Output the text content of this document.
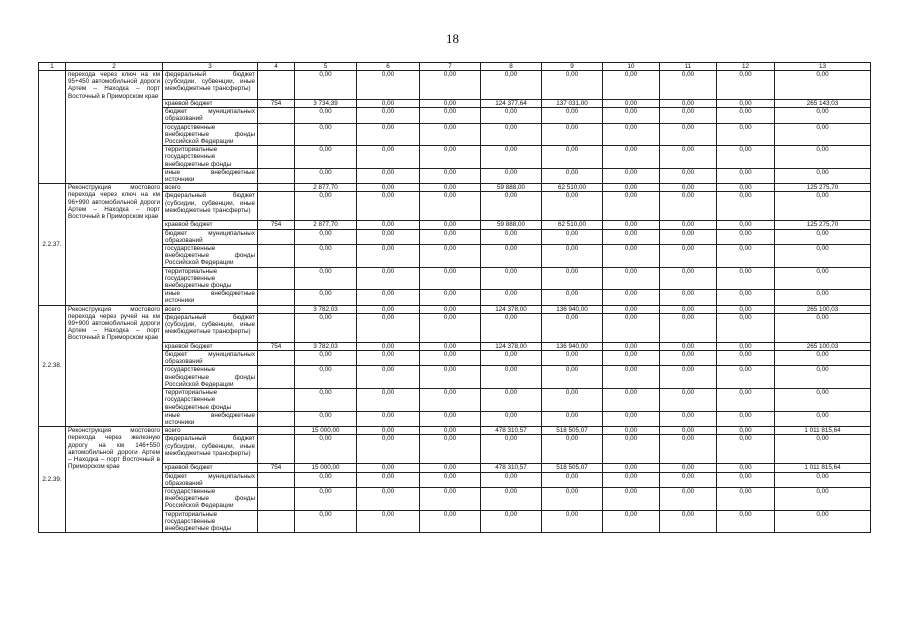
18
1	2	3	4	5	6	7	8	9	10	11	12	13
	перехода через ключ на км 95+450 автомобильной дороги Артем – Находка – порт Восточный в Приморском крае	федеральный бюджет (субсидии, субвенции, иные межбюджетные трансферты)		0,00	0,00	0,00	0,00	0,00	0,00	0,00	0,00	0,00
		краевой бюджет	754	3 734,39	0,00	0,00	124 377,64	137 031,00	0,00	0,00	0,00	265 143,03
		бюджет муниципальных образований		0,00	0,00	0,00	0,00	0,00	0,00	0,00	0,00	0,00
		государственные внебюджетные фонды Российской Федерации		0,00	0,00	0,00	0,00	0,00	0,00	0,00	0,00	0,00
		территориальные государственные внебюджетные фонды		0,00	0,00	0,00	0,00	0,00	0,00	0,00	0,00	0,00
		иные внебюджетные источники		0,00	0,00	0,00	0,00	0,00	0,00	0,00	0,00	0,00
2.2.37.	Реконструкция мостового перехода через ключ на км 96+990 автомобильной дороги Артем – Находка – порт Восточный в Приморском крае	всего		2 877,70	0,00	0,00	59 888,00	62 510,00	0,00	0,00	0,00	125 275,70
		федеральный бюджет (субсидии, субвенции, иные межбюджетные трансферты)		0,00	0,00	0,00	0,00	0,00	0,00	0,00	0,00	0,00
		краевой бюджет	754	2 877,70	0,00	0,00	59 888,00	62 510,00	0,00	0,00	0,00	125 275,70
		бюджет муниципальных образований		0,00	0,00	0,00	0,00	0,00	0,00	0,00	0,00	0,00
		государственные внебюджетные фонды Российской Федерации		0,00	0,00	0,00	0,00	0,00	0,00	0,00	0,00	0,00
		территориальные государственные внебюджетные фонды		0,00	0,00	0,00	0,00	0,00	0,00	0,00	0,00	0,00
		иные внебюджетные источники		0,00	0,00	0,00	0,00	0,00	0,00	0,00	0,00	0,00
2.2.38.	Реконструкция мостового перехода через ручей на км 99+900 автомобильной дороги Артем – Находка – порт Восточный в Приморском крае	всего		3 782,03	0,00	0,00	124 378,00	136 940,00	0,00	0,00	0,00	265 100,03
		федеральный бюджет (субсидии, субвенции, иные межбюджетные трансферты)		0,00	0,00	0,00	0,00	0,00	0,00	0,00	0,00	0,00
		краевой бюджет	754	3 782,03	0,00	0,00	124 378,00	136 940,00	0,00	0,00	0,00	265 100,03
		бюджет муниципальных образований		0,00	0,00	0,00	0,00	0,00	0,00	0,00	0,00	0,00
		государственные внебюджетные фонды Российской Федерации		0,00	0,00	0,00	0,00	0,00	0,00	0,00	0,00	0,00
		территориальные государственные внебюджетные фонды		0,00	0,00	0,00	0,00	0,00	0,00	0,00	0,00	0,00
		иные внебюджетные источники		0,00	0,00	0,00	0,00	0,00	0,00	0,00	0,00	0,00
2.2.39.	Реконструкция мостового перехода через железную дорогу на км 146+550 автомобильной дороги Артем – Находка – порт Восточный в Приморском крае	всего		15 000,00	0,00	0,00	478 310,57	518 505,07	0,00	0,00	0,00	1 011 815,64
		федеральный бюджет (субсидии, субвенции, иные межбюджетные трансферты)		0,00	0,00	0,00	0,00	0,00	0,00	0,00	0,00	0,00
		краевой бюджет	754	15 000,00	0,00	0,00	478 310,57	518 505,07	0,00	0,00	0,00	1 011 815,64
		бюджет муниципальных образований		0,00	0,00	0,00	0,00	0,00	0,00	0,00	0,00	0,00
		государственные внебюджетные фонды Российской Федерации		0,00	0,00	0,00	0,00	0,00	0,00	0,00	0,00	0,00
		территориальные государственные внебюджетные фонды		0,00	0,00	0,00	0,00	0,00	0,00	0,00	0,00	0,00
